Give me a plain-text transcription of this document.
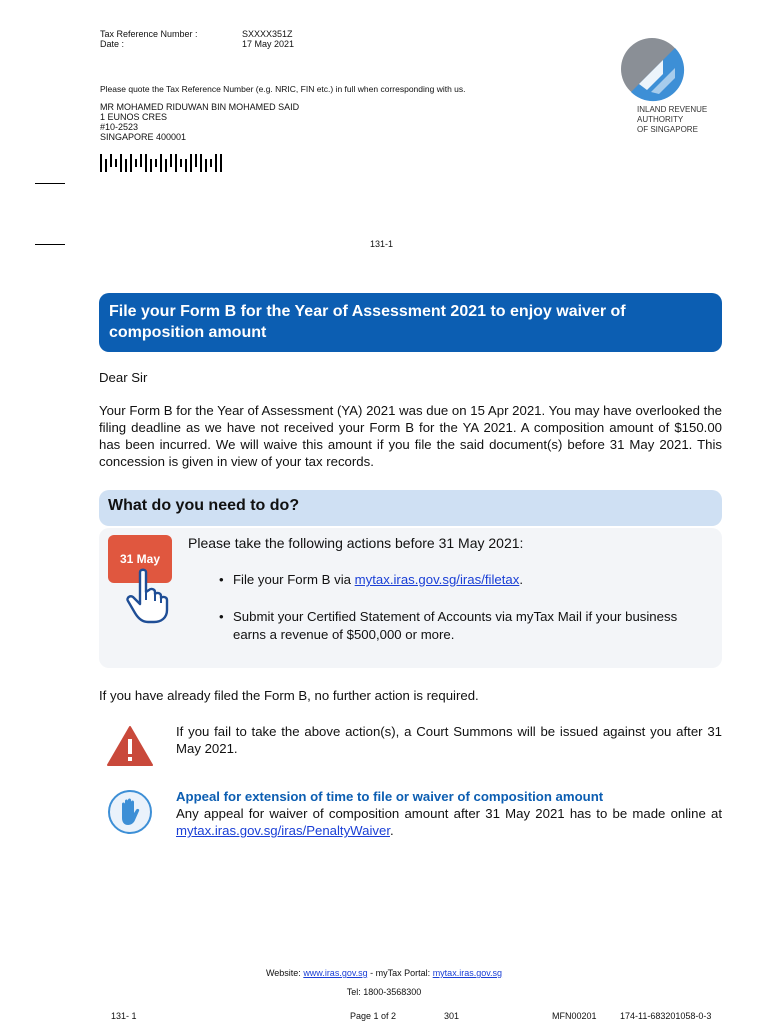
Tax Reference Number :	SXXXX351Z
Date :	17 May 2021
Please quote the Tax Reference Number (e.g. NRIC, FIN etc.) in full when corresponding with us.
MR MOHAMED RIDUWAN BIN MOHAMED SAID
1 EUNOS CRES
#10-2523
SINGAPORE 400001
131-1
INLAND REVENUE
AUTHORITY
OF SINGAPORE
File your Form B for the Year of Assessment 2021 to enjoy waiver of composition amount
Dear Sir
Your Form B for the Year of Assessment (YA) 2021 was due on 15 Apr 2021. You may have overlooked the filing deadline as we have not received your Form B for the YA 2021. A composition amount of $150.00 has been incurred. We will waive this amount if you file the said document(s) before 31 May 2021. This concession is given in view of your tax records.
What do you need to do?
31 May
Please take the following actions before 31 May 2021:
• File your Form B via mytax.iras.gov.sg/iras/filetax.
• Submit your Certified Statement of Accounts via myTax Mail if your business earns a revenue of $500,000 or more.
If you have already filed the Form B, no further action is required.
If you fail to take the above action(s), a Court Summons will be issued against you after 31 May 2021.
Appeal for extension of time to file or waiver of composition amount
Any appeal for waiver of composition amount after 31 May 2021 has to be made online at mytax.iras.gov.sg/iras/PenaltyWaiver.
Website: www.iras.gov.sg - myTax Portal: mytax.iras.gov.sg
Tel: 1800-3568300
131- 1	Page 1 of 2	301	MFN00201	174-11-683201058-0-3
